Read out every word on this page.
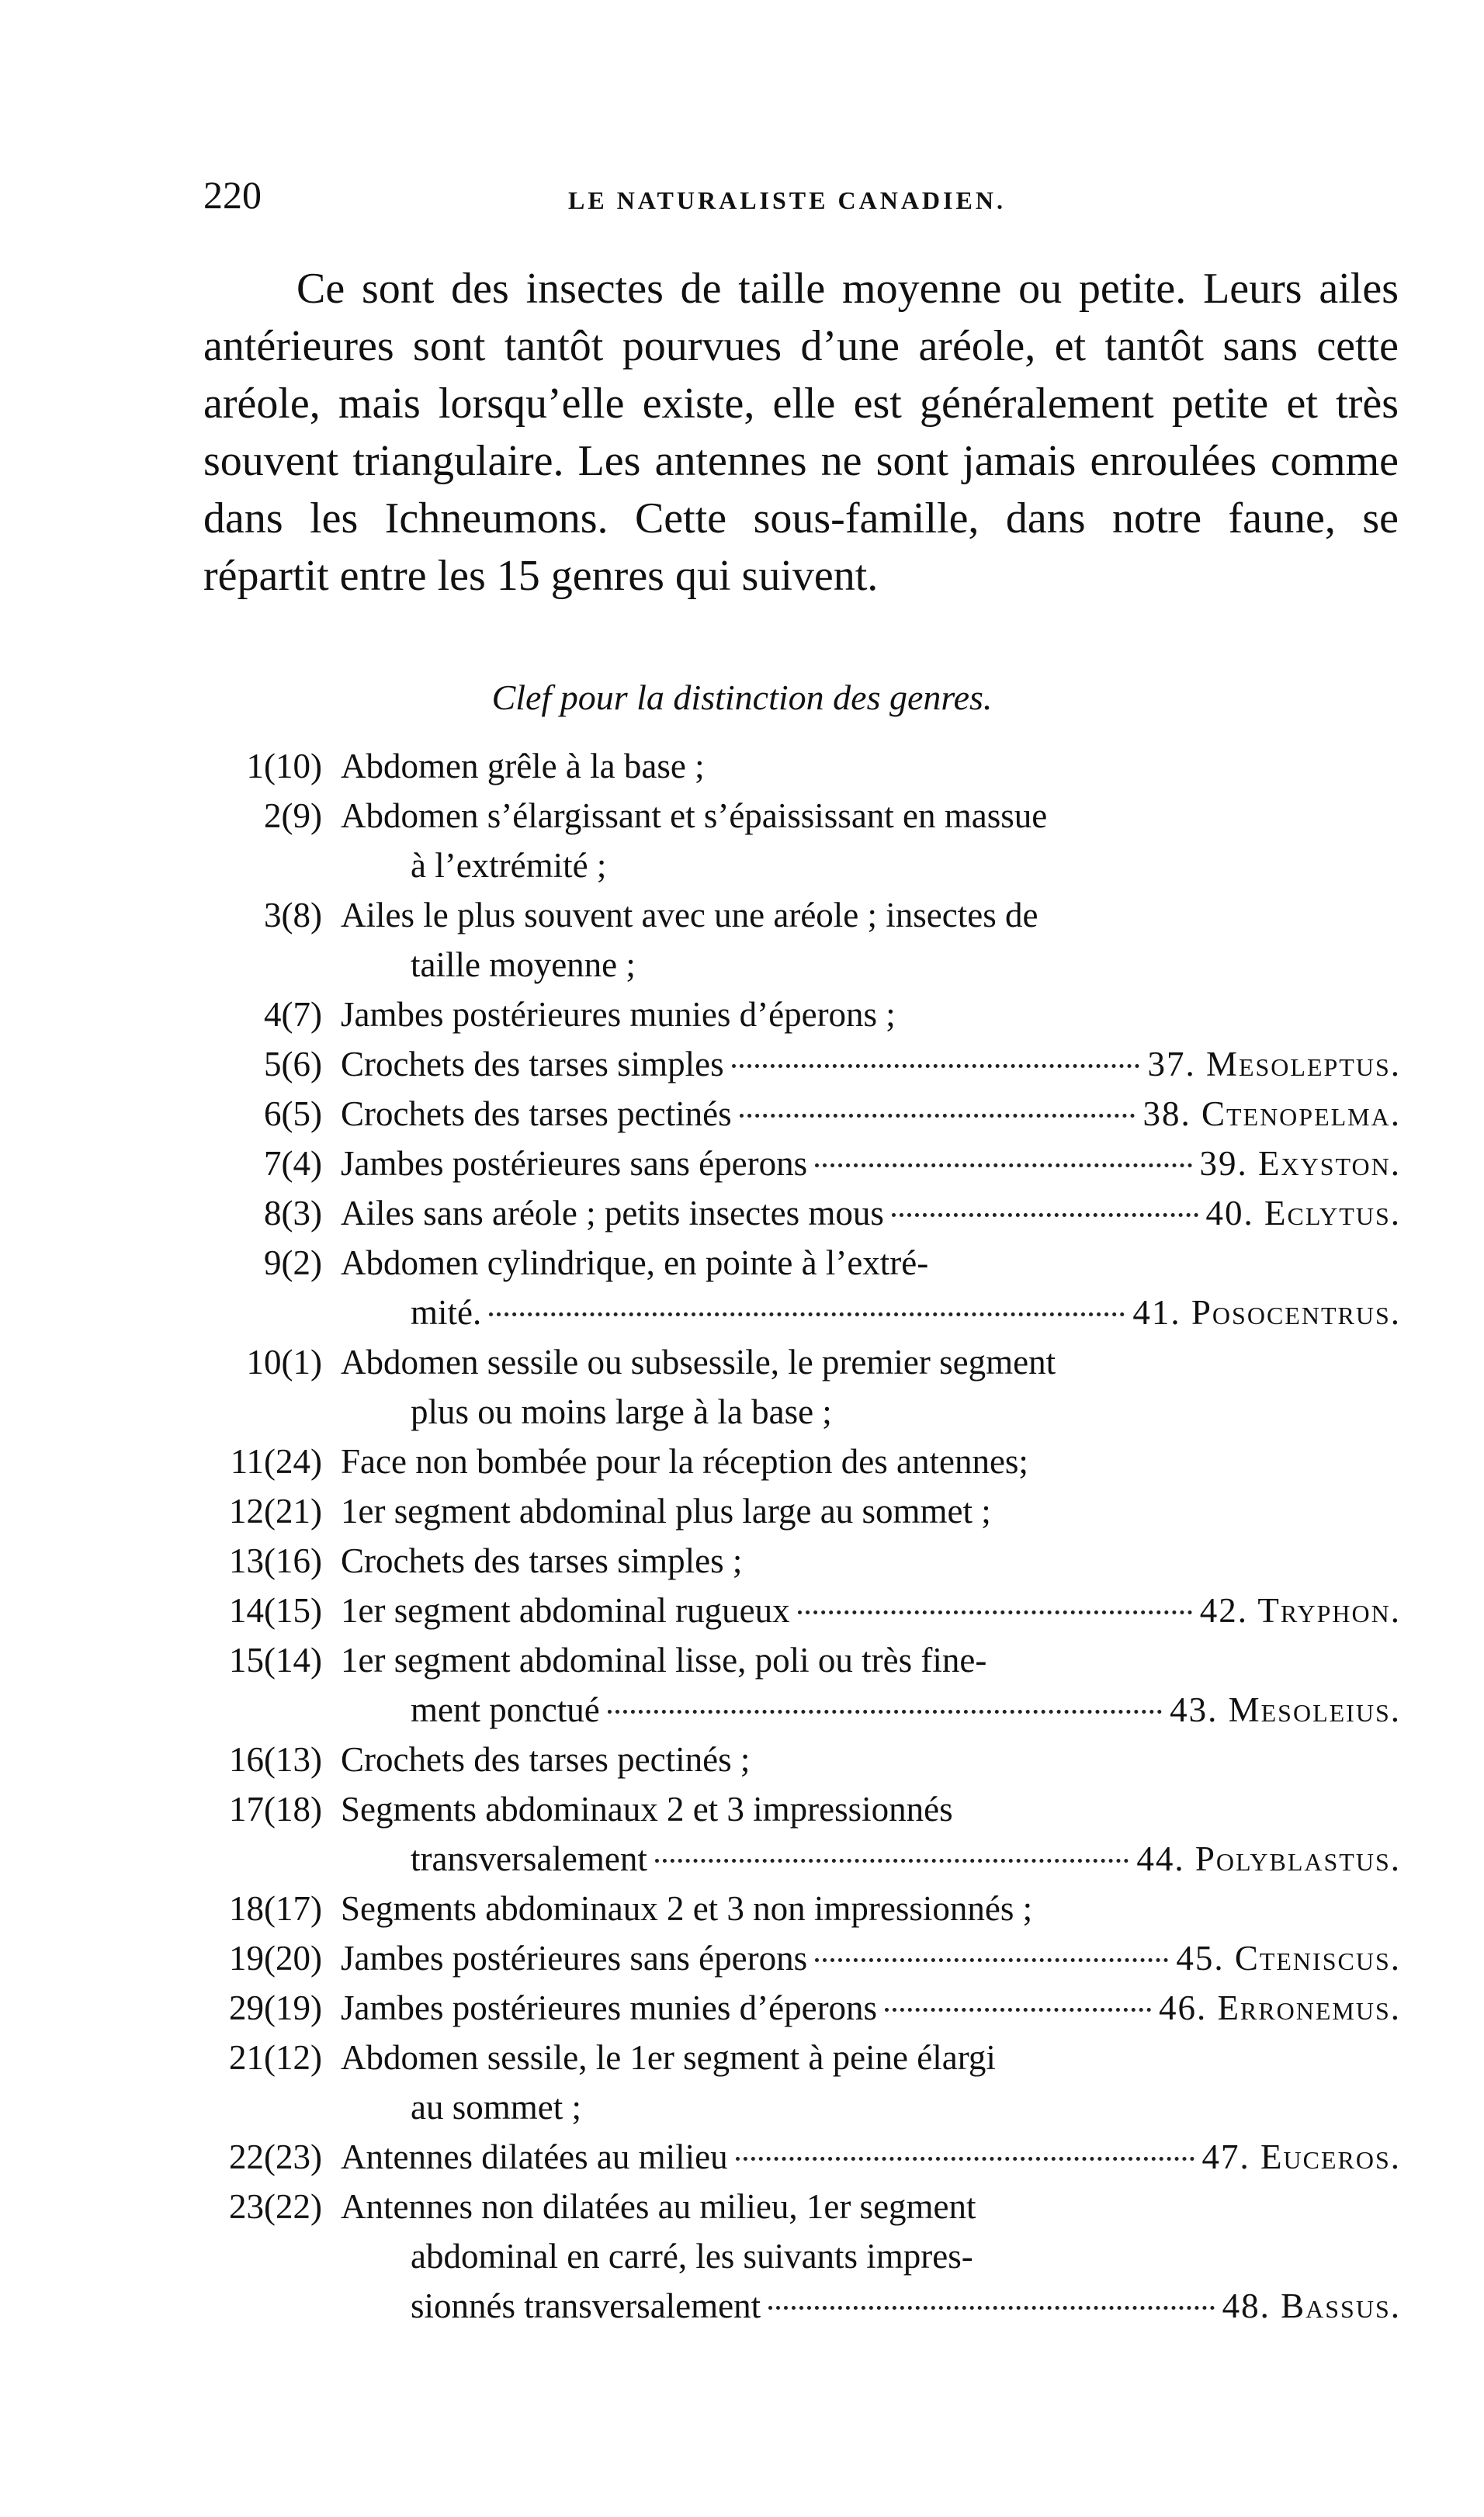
220	LE NATURALISTE CANADIEN.

Ce sont des insectes de taille moyenne ou petite. Leurs ailes antérieures sont tantôt pourvues d’une aréole, et tantôt sans cette aréole, mais lorsqu’elle existe, elle est généralement petite et très souvent triangulaire. Les antennes ne sont jamais enroulées comme dans les Ichneumons. Cette sous-famille, dans notre faune, se répartit entre les 15 genres qui suivent.

Clef pour la distinction des genres.
1(10) Abdomen grêle à la base ;
2(9) Abdomen s’élargissant et s’épaississant en massue
à l’extrémité ;
3(8) Ailes le plus souvent avec une aréole ; insectes de
taille moyenne ;
4(7) Jambes postérieures munies d’éperons ;
5(6) Crochets des tarses simples	37. Mesoleptus.
6(5) Crochets des tarses pectinés	38. Ctenopelma.
7(4) Jambes postérieures sans éperons	39. Exyston.
8(3) Ailes sans aréole ; petits insectes mous	40. Eclytus.
9(2) Abdomen cylindrique, en pointe à l’extré-
mité.	41. Posocentrus.
10(1) Abdomen sessile ou subsessile, le premier segment
plus ou moins large à la base ;
11(24) Face non bombée pour la réception des antennes;
12(21) 1er segment abdominal plus large au sommet ;
13(16) Crochets des tarses simples ;
14(15) 1er segment abdominal rugueux	42. Tryphon.
15(14) 1er segment abdominal lisse, poli ou très fine-
ment ponctué	43. Mesoleius.
16(13) Crochets des tarses pectinés ;
17(18) Segments abdominaux 2 et 3 impressionnés
transversalement	44. Polyblastus.
18(17) Segments abdominaux 2 et 3 non impressionnés ;
19(20) Jambes postérieures sans éperons	45. Cteniscus.
29(19) Jambes postérieures munies d’éperons	46. Erronemus.
21(12) Abdomen sessile, le 1er segment à peine élargi
au sommet ;
22(23) Antennes dilatées au milieu	47. Euceros.
23(22) Antennes non dilatées au milieu, 1er segment
abdominal en carré, les suivants impres-
sionnés transversalement	48. Bassus.
